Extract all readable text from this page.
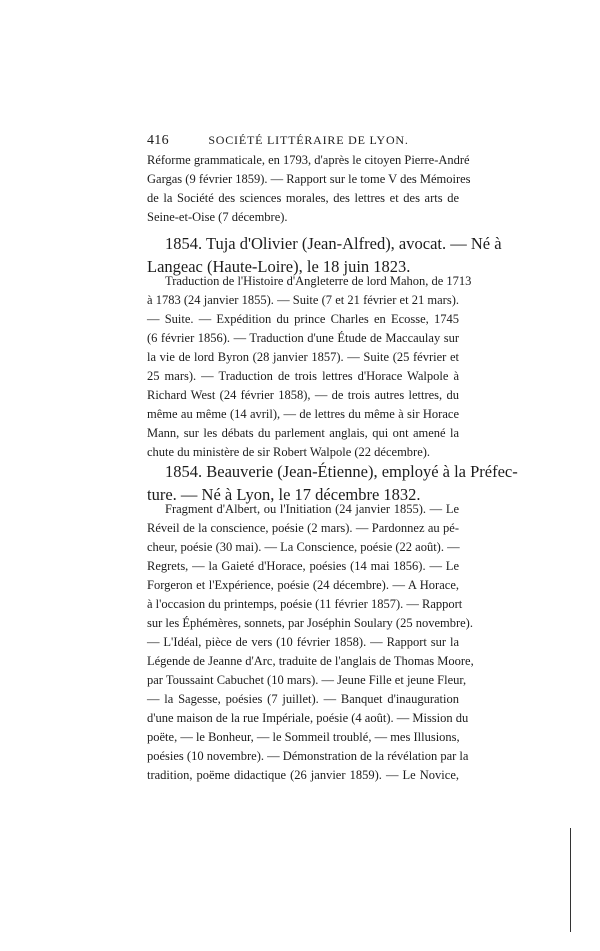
416	SOCIÉTÉ LITTÉRAIRE DE LYON.
Réforme grammaticale, en 1793, d'après le citoyen Pierre-André
Gargas (9 février 1859). — Rapport sur le tome V des Mémoires
de la Société des sciences morales, des lettres et des arts de
Seine-et-Oise (7 décembre).
1854. Tuja d'Olivier (Jean-Alfred), avocat. — Né à
Langeac (Haute-Loire), le 18 juin 1823.
Traduction de l'Histoire d'Angleterre de lord Mahon, de 1713
à 1783 (24 janvier 1855). — Suite (7 et 21 février et 21 mars).
— Suite. — Expédition du prince Charles en Ecosse, 1745
(6 février 1856). — Traduction d'une Étude de Maccaulay sur
la vie de lord Byron (28 janvier 1857). — Suite (25 février et
25 mars). — Traduction de trois lettres d'Horace Walpole à
Richard West (24 février 1858), — de trois autres lettres, du
même au même (14 avril), — de lettres du même à sir Horace
Mann, sur les débats du parlement anglais, qui ont amené la
chute du ministère de sir Robert Walpole (22 décembre).
1854. Beauverie (Jean-Étienne), employé à la Préfec-
ture. — Né à Lyon, le 17 décembre 1832.
Fragment d'Albert, ou l'Initiation (24 janvier 1855). — Le
Réveil de la conscience, poésie (2 mars). — Pardonnez au pé-
cheur, poésie (30 mai). — La Conscience, poésie (22 août). —
Regrets, — la Gaieté d'Horace, poésies (14 mai 1856). — Le
Forgeron et l'Expérience, poésie (24 décembre). — A Horace,
à l'occasion du printemps, poésie (11 février 1857). — Rapport
sur les Éphémères, sonnets, par Joséphin Soulary (25 novembre).
— L'Idéal, pièce de vers (10 février 1858). — Rapport sur la
Légende de Jeanne d'Arc, traduite de l'anglais de Thomas Moore,
par Toussaint Cabuchet (10 mars). — Jeune Fille et jeune Fleur,
— la Sagesse, poésies (7 juillet). — Banquet d'inauguration
d'une maison de la rue Impériale, poésie (4 août). — Mission du
poëte, — le Bonheur, — le Sommeil troublé, — mes Illusions,
poésies (10 novembre). — Démonstration de la révélation par la
tradition, poëme didactique (26 janvier 1859). — Le Novice,
